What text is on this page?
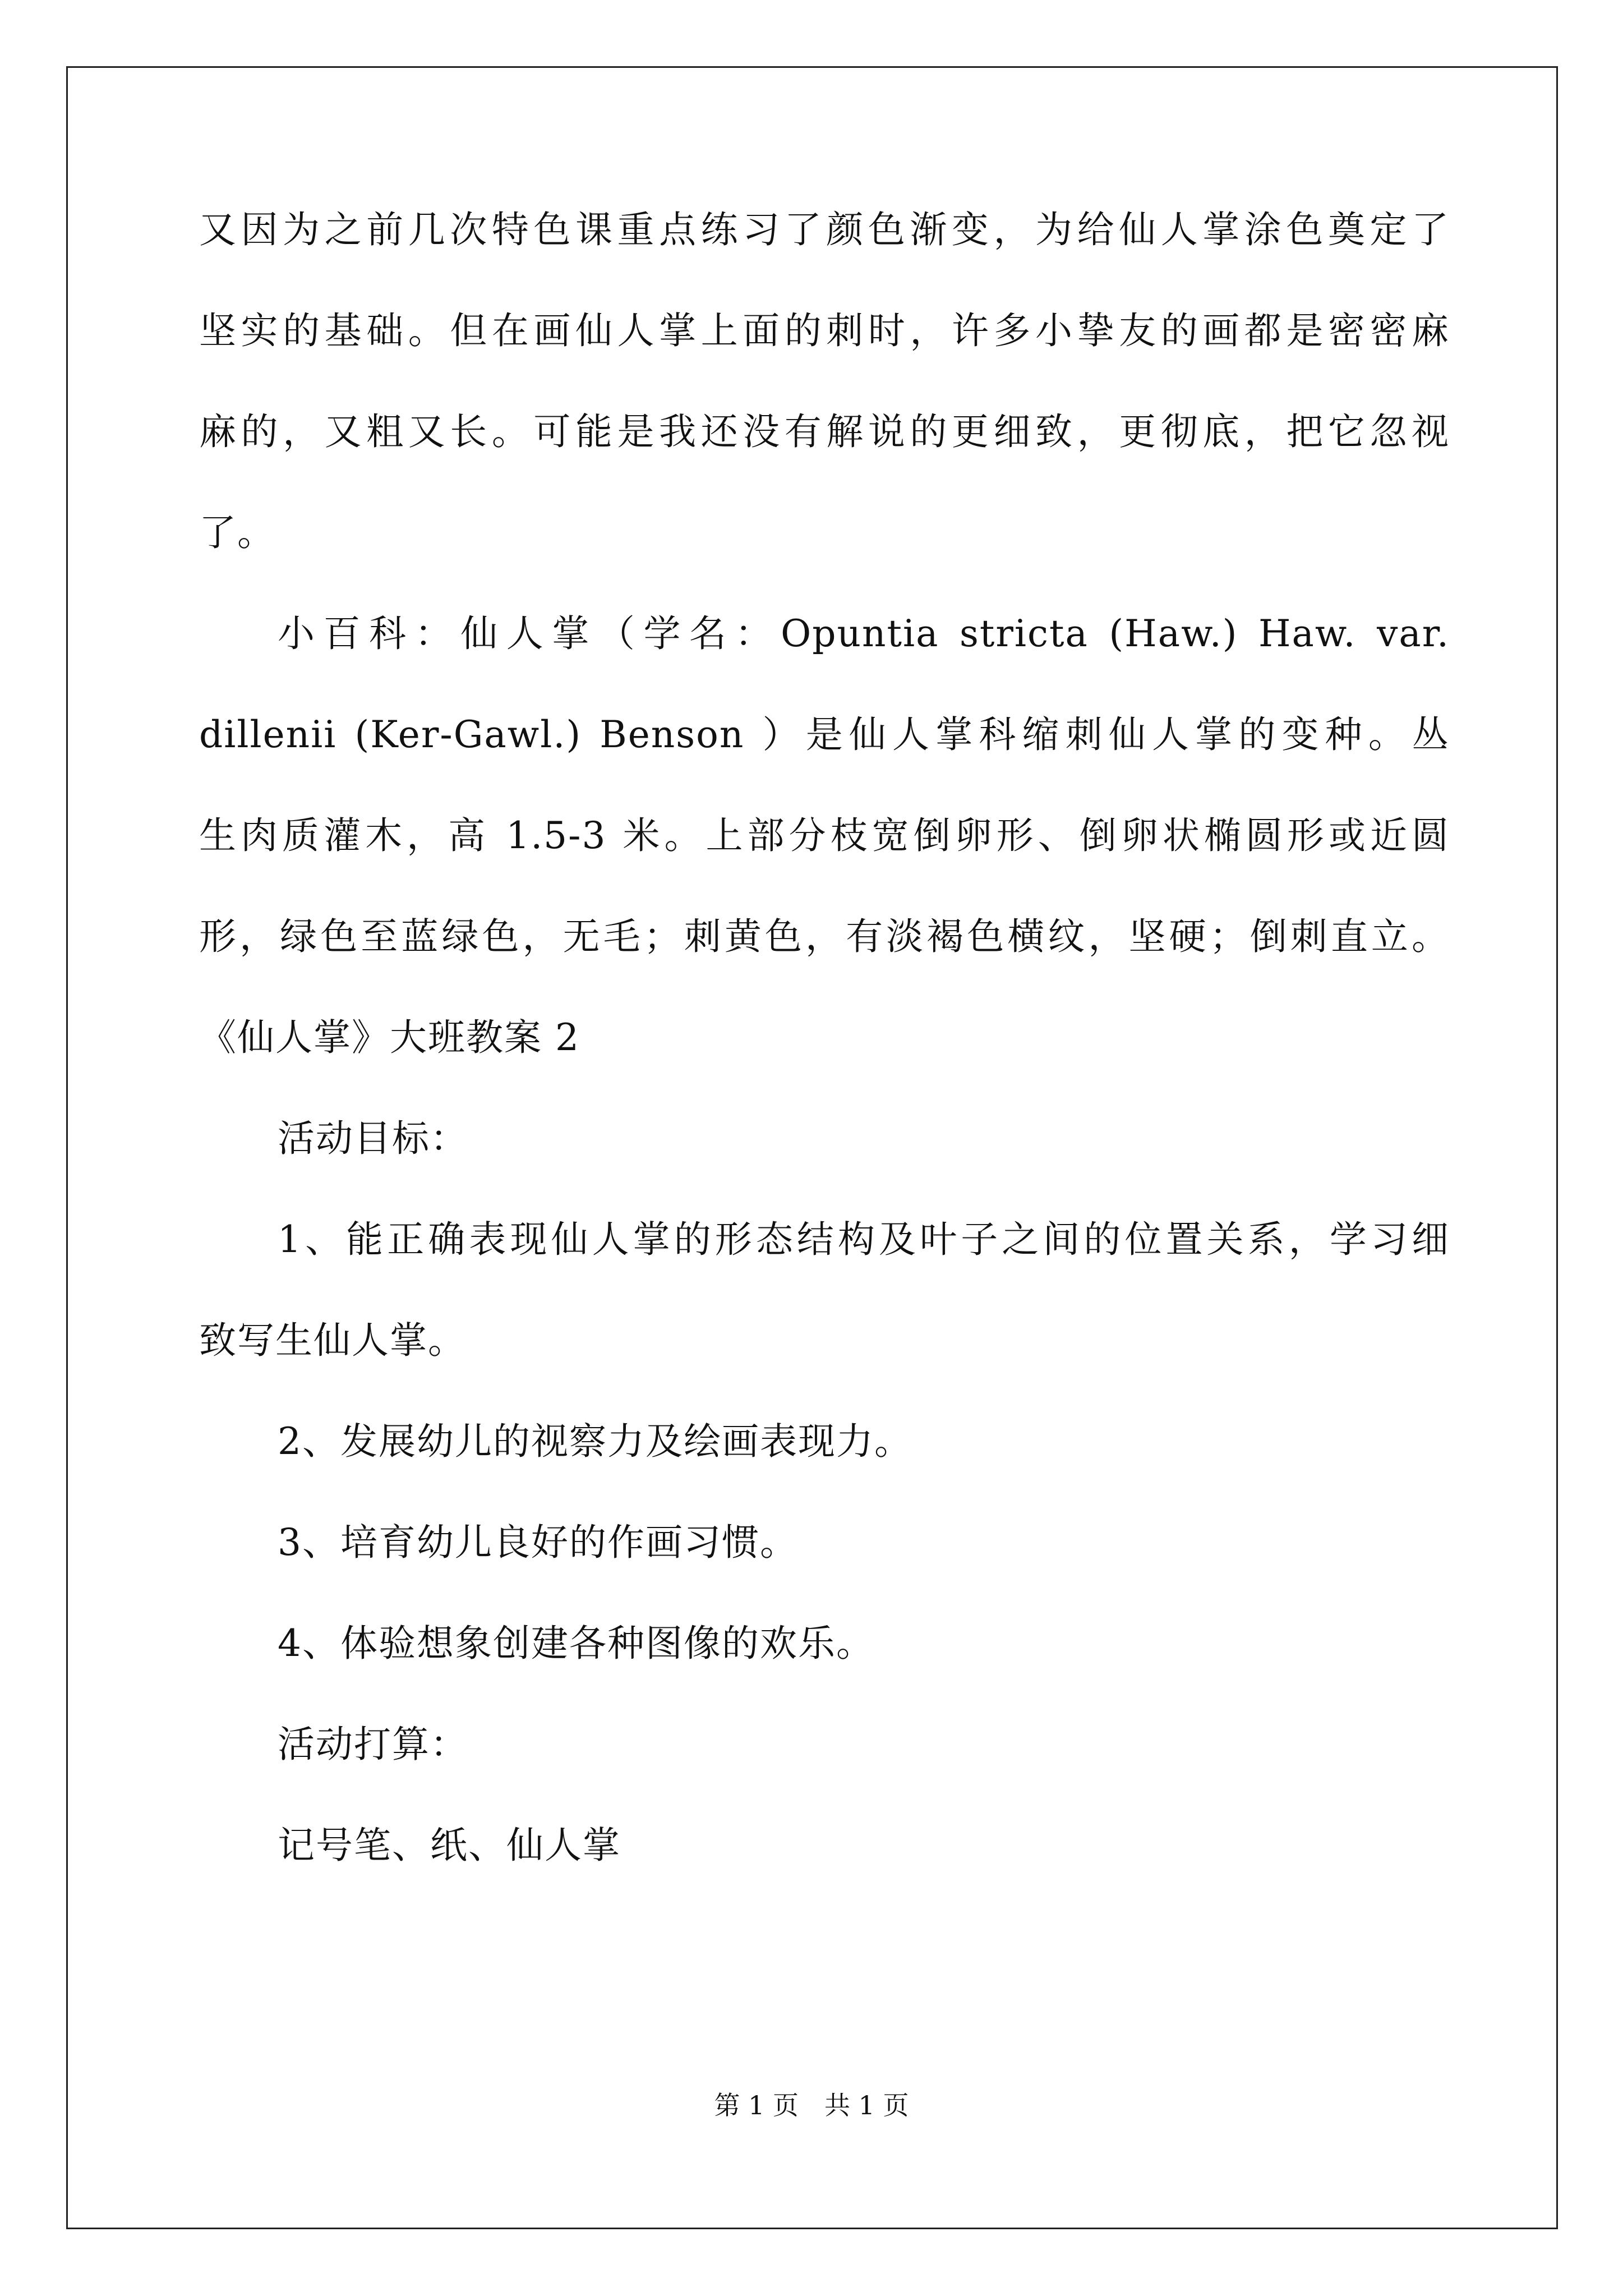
又因为之前几次特色课重点练习了颜色渐变，为给仙人掌涂色奠定了
坚实的基础。但在画仙人掌上面的刺时，许多小挚友的画都是密密麻
麻的，又粗又长。可能是我还没有解说的更细致，更彻底，把它忽视
了。
小百科：仙人掌（学名：Opuntia stricta (Haw.) Haw. var.
dillenii (Ker-Gawl.) Benson ）是仙人掌科缩刺仙人掌的变种。丛
生肉质灌木，高 1.5-3 米。上部分枝宽倒卵形、倒卵状椭圆形或近圆
形，绿色至蓝绿色，无毛；刺黄色，有淡褐色横纹，坚硬；倒刺直立。
《仙人掌》大班教案 2
活动目标：
1、能正确表现仙人掌的形态结构及叶子之间的位置关系，学习细
致写生仙人掌。
2、发展幼儿的视察力及绘画表现力。
3、培育幼儿良好的作画习惯。
4、体验想象创建各种图像的欢乐。
活动打算：
记号笔、纸、仙人掌
第 1 页　共 1 页
